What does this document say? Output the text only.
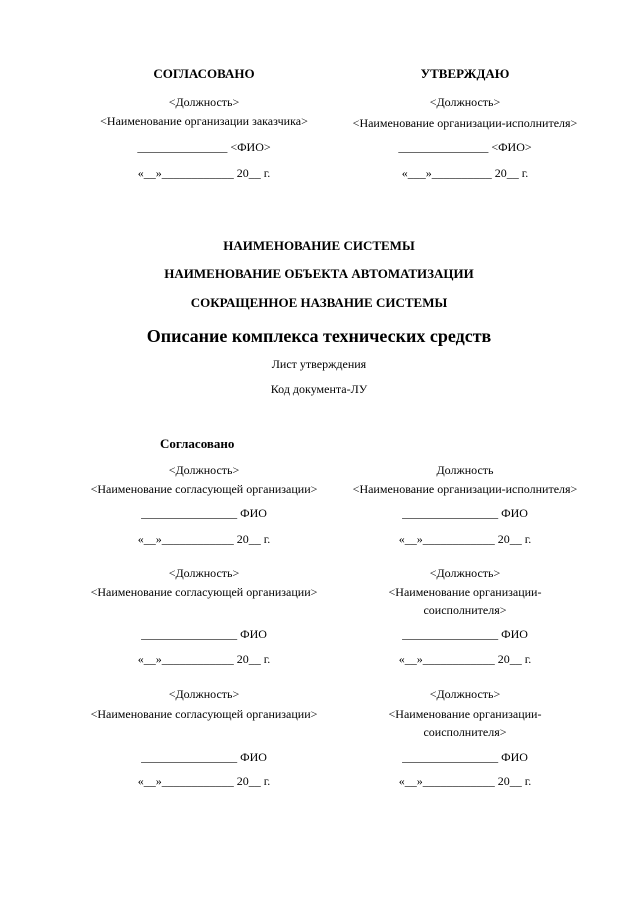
СОГЛАСОВАНО	УТВЕРЖДАЮ
<Должность>	<Должность>
<Наименование организации заказчика>	<Наименование организации-исполнителя>
_______________ <ФИО>	_______________ <ФИО>
«__»____________ 20__ г.	«___»__________ 20__ г.
НАИМЕНОВАНИЕ СИСТЕМЫ
НАИМЕНОВАНИЕ ОБЪЕКТА АВТОМАТИЗАЦИИ
СОКРАЩЕННОЕ НАЗВАНИЕ СИСТЕМЫ
Описание комплекса технических средств
Лист утверждения
Код документа-ЛУ
Согласовано
<Должность>	Должность
<Наименование согласующей организации>	<Наименование организации-исполнителя>
________________ ФИО	________________ ФИО
«__»____________ 20__ г.	«__»____________ 20__ г.
<Должность>	<Должность>
<Наименование согласующей организации>	<Наименование организации-
соисполнителя>
________________ ФИО	________________ ФИО
«__»____________ 20__ г.	«__»____________ 20__ г.
<Должность>	<Должность>
<Наименование согласующей организации>	<Наименование организации-
соисполнителя>
________________ ФИО	________________ ФИО
«__»____________ 20__ г.	«__»____________ 20__ г.
